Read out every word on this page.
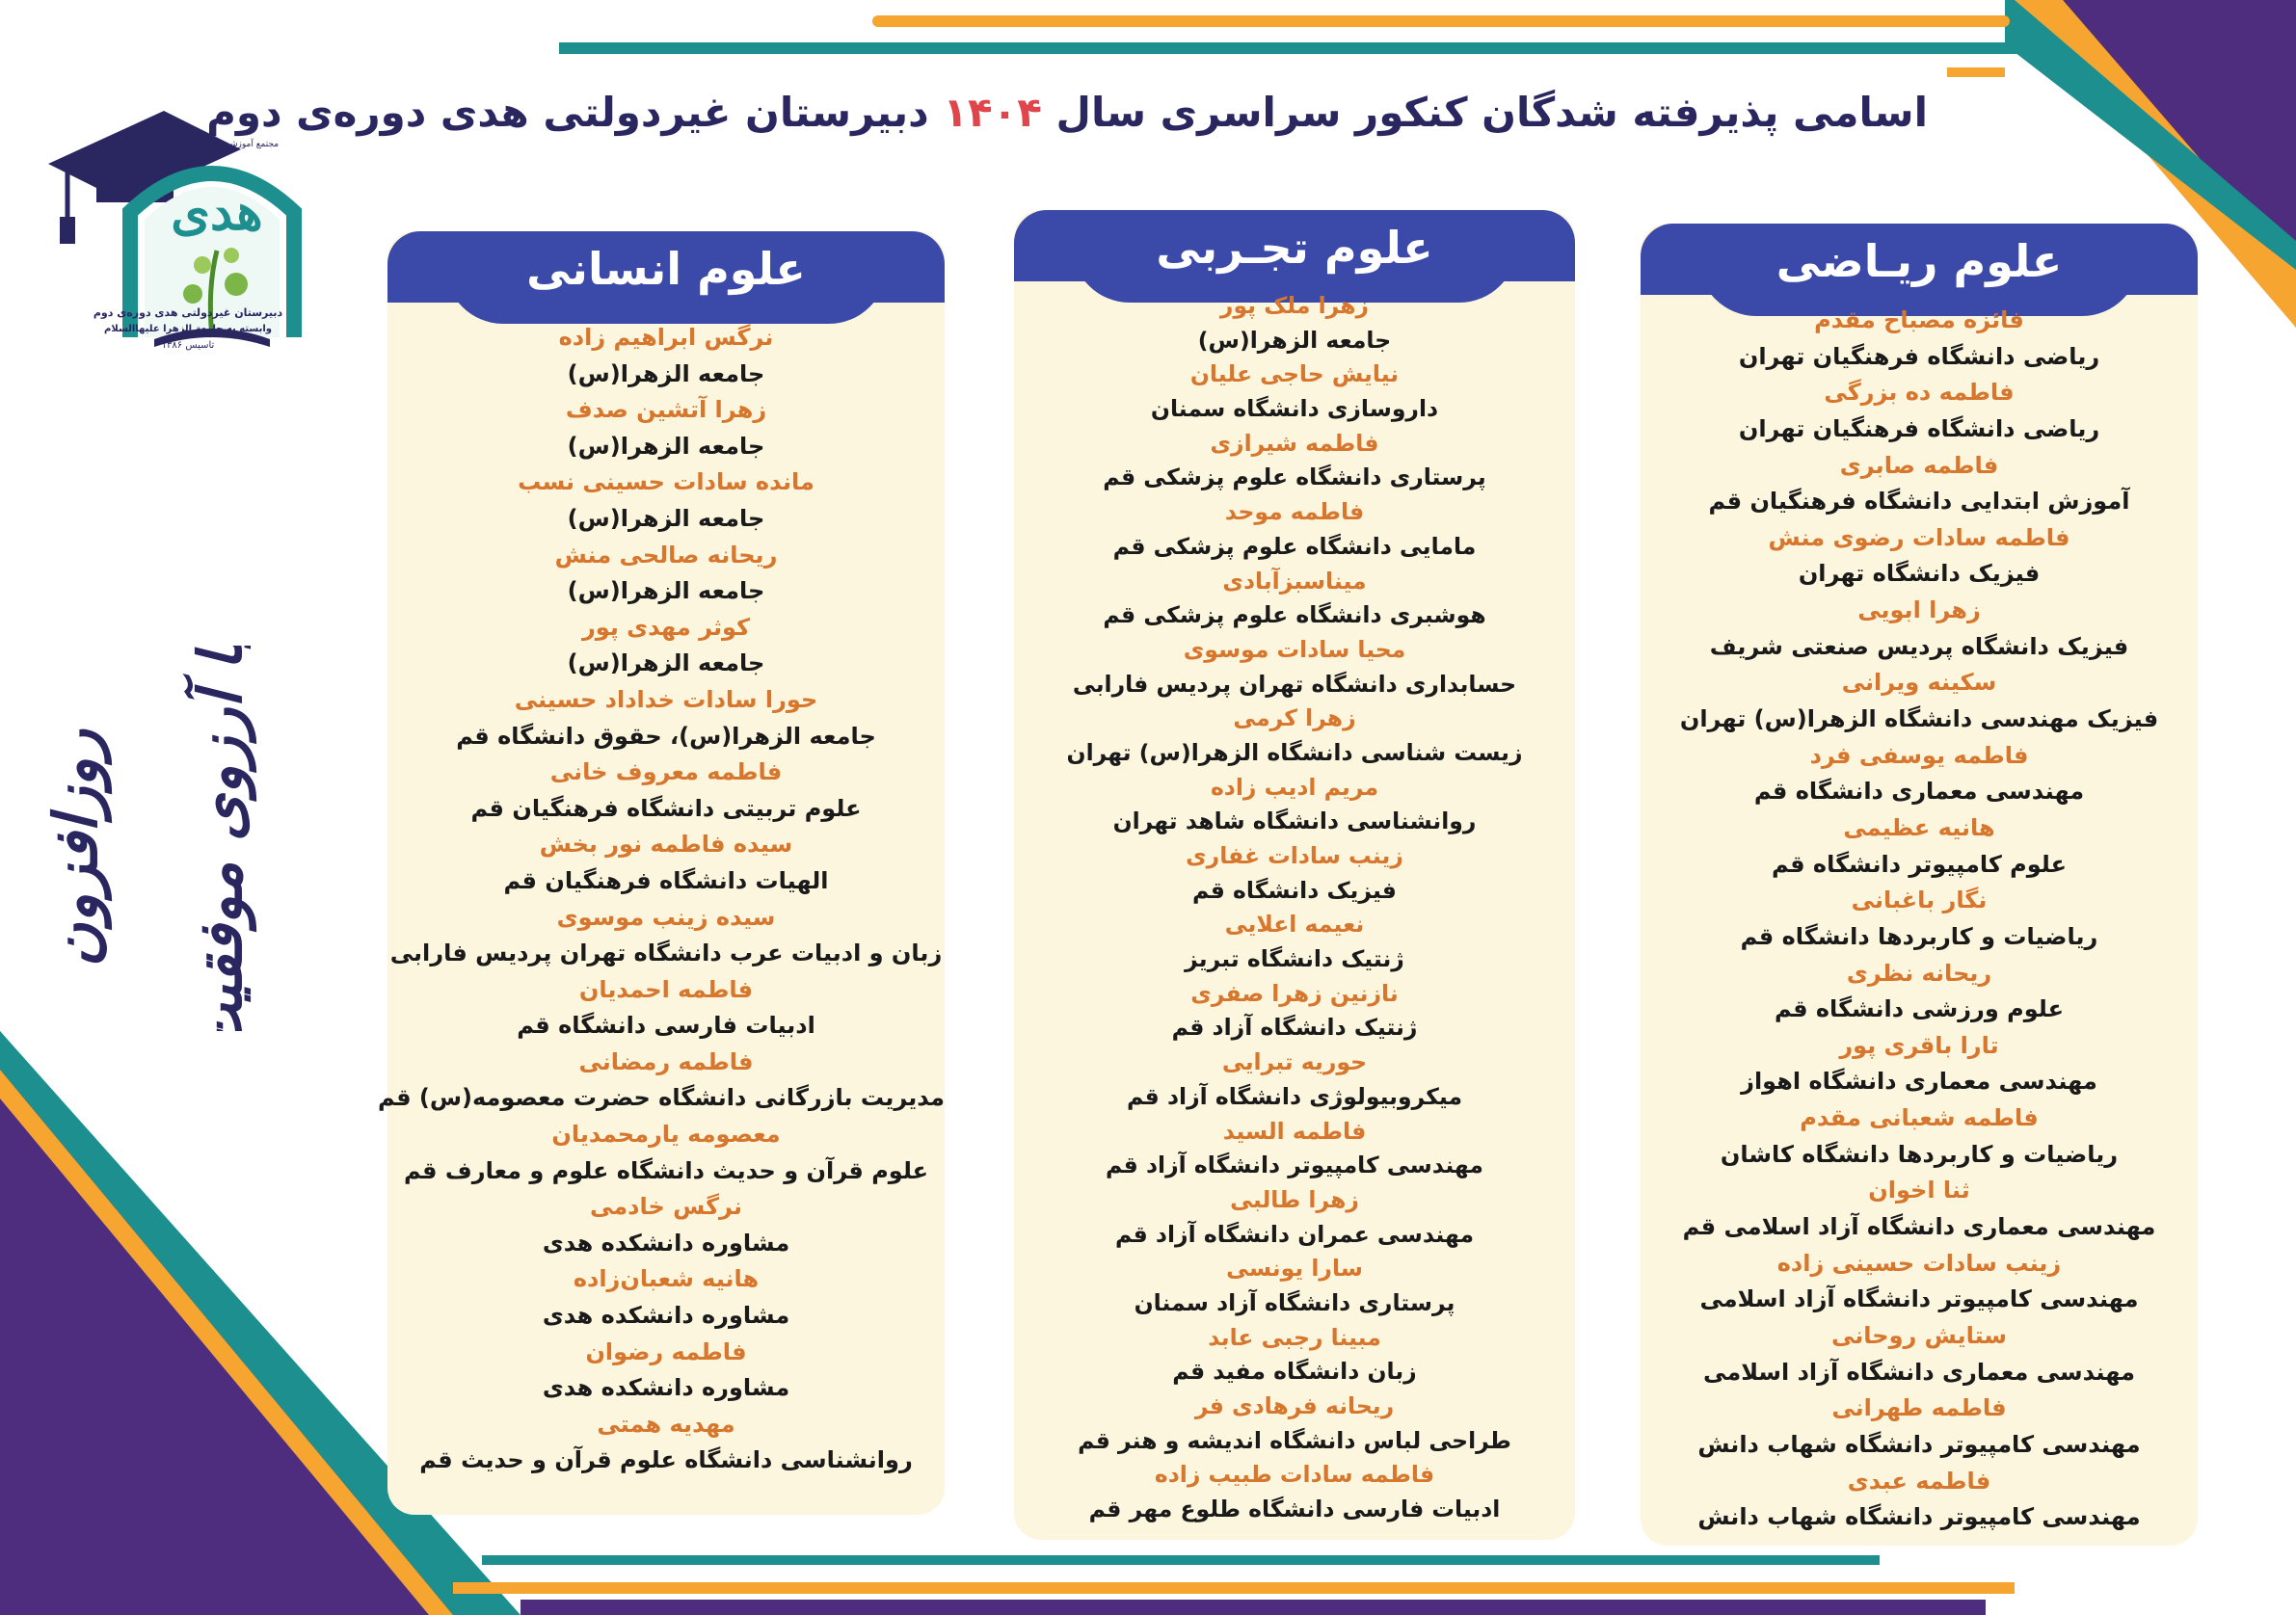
مجتمع آموزشی پرورشی غیردولتی
هدی
دبیرستان غیردولتی هدی دوره‌ی دوم
وابسته به جامعة الزهرا علیهاالسلام
تاسیس ۱۳۸۶
با آرزوی موفقیت
روزافزون
اسامی پذیرفته شدگان کنکور سراسری سال ۱۴۰۴ دبیرستان غیردولتی هدی دوره‌ی دوم
علوم ریـاضی
فائزه مصباح مقدم
ریاضی دانشگاه فرهنگیان تهران
فاطمه ده بزرگی
ریاضی دانشگاه فرهنگیان تهران
فاطمه صابری
آموزش ابتدایی دانشگاه فرهنگیان قم
فاطمه سادات رضوی منش
فیزیک دانشگاه تهران
زهرا ابویی
فیزیک دانشگاه پردیس صنعتی شریف
سکینه ویرانی
فیزیک مهندسی دانشگاه الزهرا(س) تهران
فاطمه یوسفی فرد
مهندسی معماری دانشگاه قم
هانیه عظیمی
علوم کامپیوتر دانشگاه قم
نگار باغبانی
ریاضیات و کاربردها دانشگاه قم
ریحانه نظری
علوم ورزشی دانشگاه قم
تارا باقری پور
مهندسی معماری دانشگاه اهواز
فاطمه شعبانی مقدم
ریاضیات و کاربردها دانشگاه کاشان
ثنا اخوان
مهندسی معماری دانشگاه آزاد اسلامی قم
زینب سادات حسینی زاده
مهندسی کامپیوتر دانشگاه آزاد اسلامی
ستایش روحانی
مهندسی معماری دانشگاه آزاد اسلامی
فاطمه طهرانی
مهندسی کامپیوتر دانشگاه شهاب دانش
فاطمه عبدی
مهندسی کامپیوتر دانشگاه شهاب دانش
علوم تجـربی
زهرا ملک پور
جامعه الزهرا(س)
نیایش حاجی علیان
داروسازی دانشگاه سمنان
فاطمه شیرازی
پرستاری دانشگاه علوم پزشکی قم
فاطمه موحد
مامایی دانشگاه علوم پزشکی قم
میناسبزآبادی
هوشبری دانشگاه علوم پزشکی قم
محیا سادات موسوی
حسابداری دانشگاه تهران پردیس فارابی
زهرا کرمی
زیست شناسی دانشگاه الزهرا(س) تهران
مریم ادیب زاده
روانشناسی دانشگاه شاهد تهران
زینب سادات غفاری
فیزیک دانشگاه قم
نعیمه اعلایی
ژنتیک دانشگاه تبریز
نازنین زهرا صفری
ژنتیک دانشگاه آزاد قم
حوریه تبرایی
میکروبیولوژی دانشگاه آزاد قم
فاطمه السید
مهندسی کامپیوتر دانشگاه آزاد قم
زهرا طالبی
مهندسی عمران دانشگاه آزاد قم
سارا یونسی
پرستاری دانشگاه آزاد سمنان
مبینا رجبی عابد
زبان دانشگاه مفید قم
ریحانه فرهادی فر
طراحی لباس دانشگاه اندیشه و هنر قم
فاطمه سادات طبیب زاده
ادبیات فارسی دانشگاه طلوع مهر قم
علوم انسانی
نرگس ابراهیم زاده
جامعه الزهرا(س)
زهرا آتشین صدف
جامعه الزهرا(س)
مانده سادات حسینی نسب
جامعه الزهرا(س)
ریحانه صالحی منش
جامعه الزهرا(س)
کوثر مهدی پور
جامعه الزهرا(س)
حورا سادات خداداد حسینی
جامعه الزهرا(س)، حقوق دانشگاه قم
فاطمه معروف خانی
علوم تربیتی دانشگاه فرهنگیان قم
سیده فاطمه نور بخش
الهیات دانشگاه فرهنگیان قم
سیده زینب موسوی
زبان و ادبیات عرب دانشگاه تهران پردیس فارابی
فاطمه احمدیان
ادبیات فارسی دانشگاه قم
فاطمه رمضانی
مدیریت بازرگانی دانشگاه حضرت معصومه(س) قم
معصومه یارمحمدیان
علوم قرآن و حدیث دانشگاه علوم و معارف قم
نرگس خادمی
مشاوره دانشکده هدی
هانیه شعبان‌زاده
مشاوره دانشکده هدی
فاطمه رضوان
مشاوره دانشکده هدی
مهدیه همتی
روانشناسی دانشگاه علوم قرآن و حدیث قم
